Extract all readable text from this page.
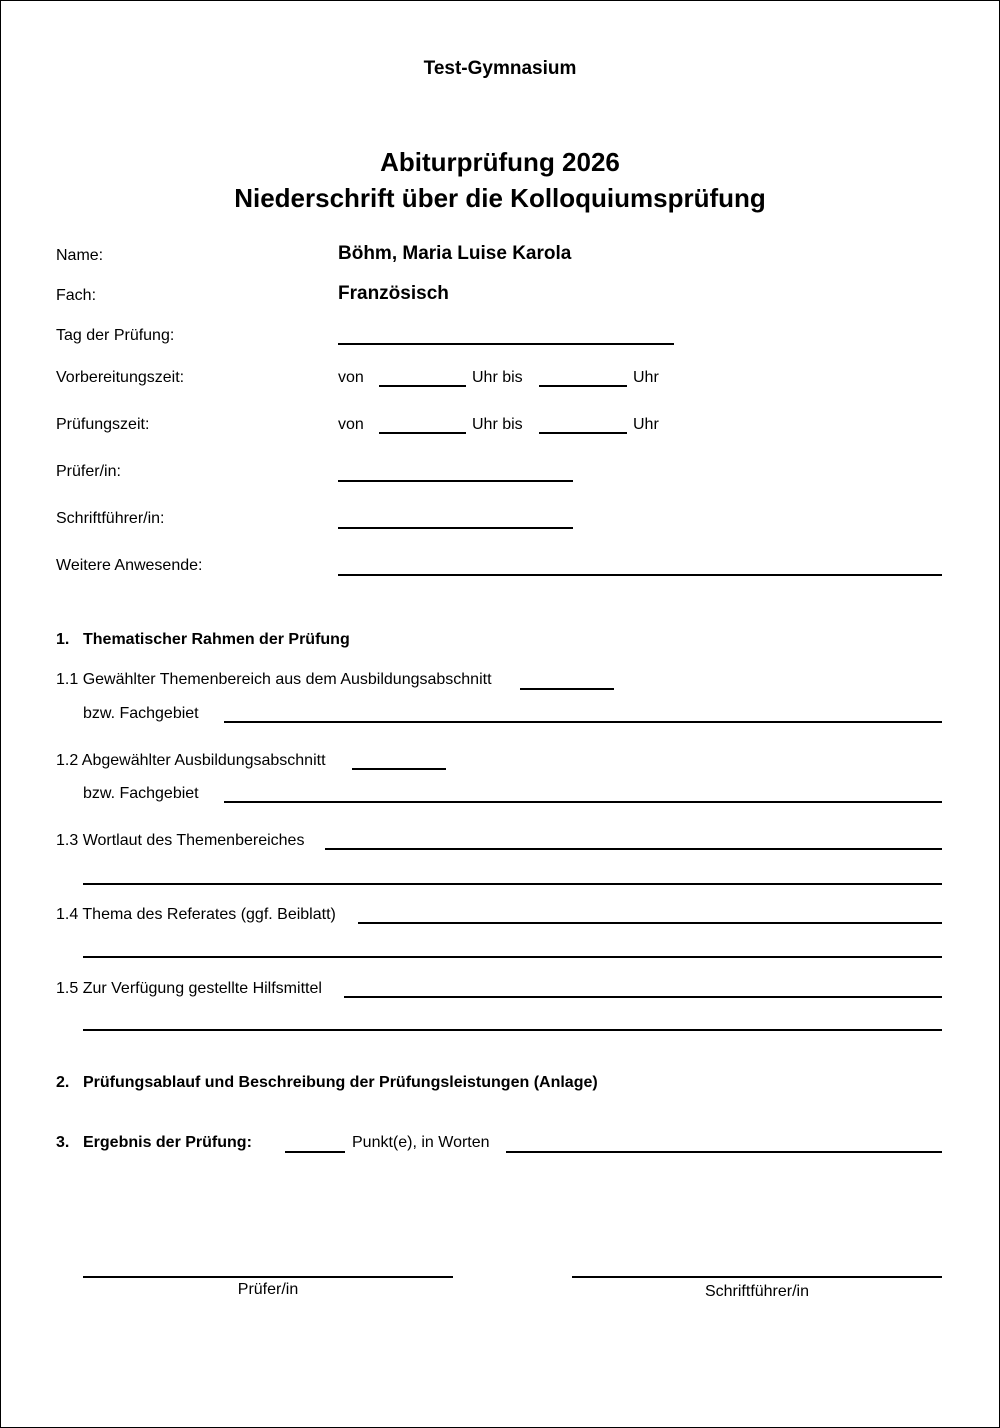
Test-Gymnasium
Abiturprüfung 2026
Niederschrift über die Kolloquiumsprüfung
Name:	Böhm, Maria Luise Karola
Fach:	Französisch
Tag der Prüfung:
Vorbereitungszeit:	von	Uhr bis	Uhr
Prüfungszeit:	von	Uhr bis	Uhr
Prüfer/in:
Schriftführer/in:
Weitere Anwesende:
1. Thematischer Rahmen der Prüfung
1.1 Gewählter Themenbereich aus dem Ausbildungsabschnitt
bzw. Fachgebiet
1.2 Abgewählter Ausbildungsabschnitt
bzw. Fachgebiet
1.3 Wortlaut des Themenbereiches
1.4 Thema des Referates (ggf. Beiblatt)
1.5 Zur Verfügung gestellte Hilfsmittel
2. Prüfungsablauf und Beschreibung der Prüfungsleistungen (Anlage)
3. Ergebnis der Prüfung:	Punkt(e), in Worten
Prüfer/in	Schriftführer/in
